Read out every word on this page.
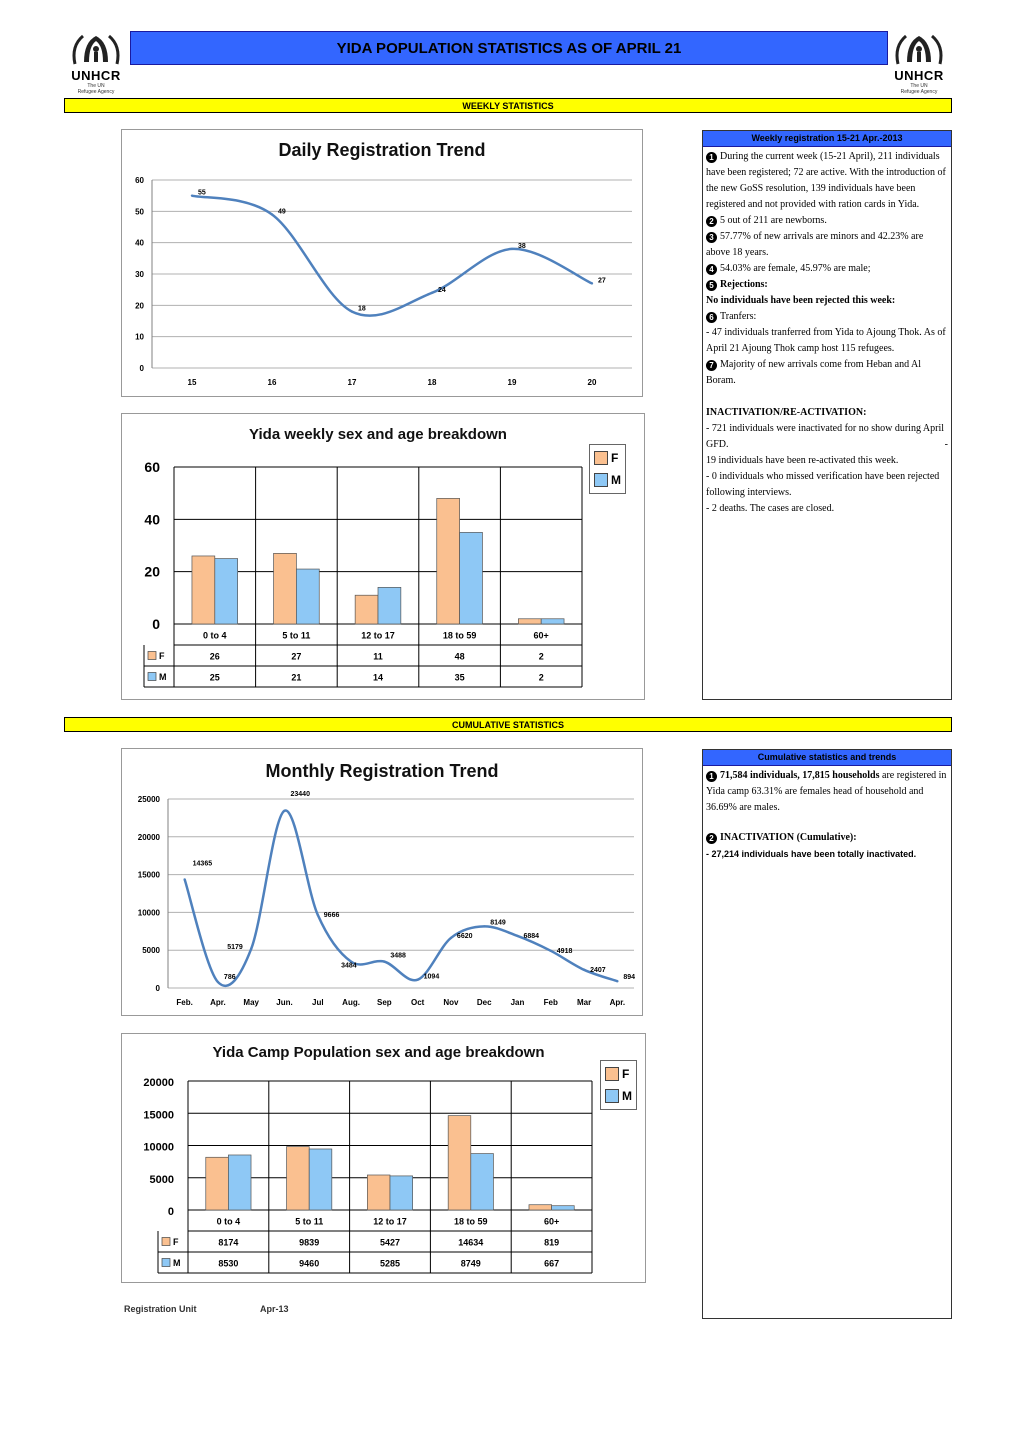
UNHCR
The UN
Refugee Agency
UNHCR
The UN
Refugee Agency
YIDA POPULATION STATISTICS AS OF APRIL 21
WEEKLY STATISTICS
Daily Registration Trend
0
10
20
30
40
50
60
15	16	17	18	19	20
55
49
18
24
38
27
Yida weekly sex and age breakdown
0
20
40
60
0 to 4	5 to 11	12 to 17	18 to 59	60+
F	26	27	11	48	2
M	25	21	14	35	2
F
M
Weekly registration 15-21 Apr.-2013

1 During the current week (15-21 April), 211 individuals have been registered; 72 are active. With the introduction of the new GoSS resolution, 139 individuals have been registered and not provided with ration cards in Yida.

2 5 out of 211 are newborns.

3 57.77% of new arrivals are minors and 42.23% are above 18 years.

4 54.03% are female, 45.97% are male;

5 Rejections:

No individuals have been rejected this week:

6 Tranfers:

- 47 individuals tranferred from Yida to Ajoung Thok. As of April 21 Ajoung Thok camp host 115 refugees.

7 Majority of new arrivals come from Heban and Al Boram.

INACTIVATION/RE-ACTIVATION:

- 721 individuals were inactivated for no show during April GFD.	-

19 individuals have been re-activated this week.

- 0 individuals who missed verification have been rejected following interviews.

- 2 deaths. The cases are closed.

CUMULATIVE STATISTICS
Monthly Registration Trend
0
5000
10000
15000
20000
25000
Feb. Apr. May Jun. Jul Aug. Sep Oct Nov Dec Jan Feb Mar Apr.
14365
786
5179
23440
9666
3484
3488
1094
6620
8149
6884
4918
2407
894
Yida Camp Population sex and age breakdown
0
5000
10000
15000
20000
0 to 4	5 to 11	12 to 17	18 to 59	60+
F	8174	9839	5427	14634	819
M	8530	9460	5285	8749	667
F
M
Cumulative statistics and trends

1 71,584 individuals, 17,815 households are registered in Yida camp 63.31% are females head of household and 36.69% are males.

2 INACTIVATION (Cumulative):

- 27,214 individuals have been totally inactivated.

Registration Unit	Apr-13
